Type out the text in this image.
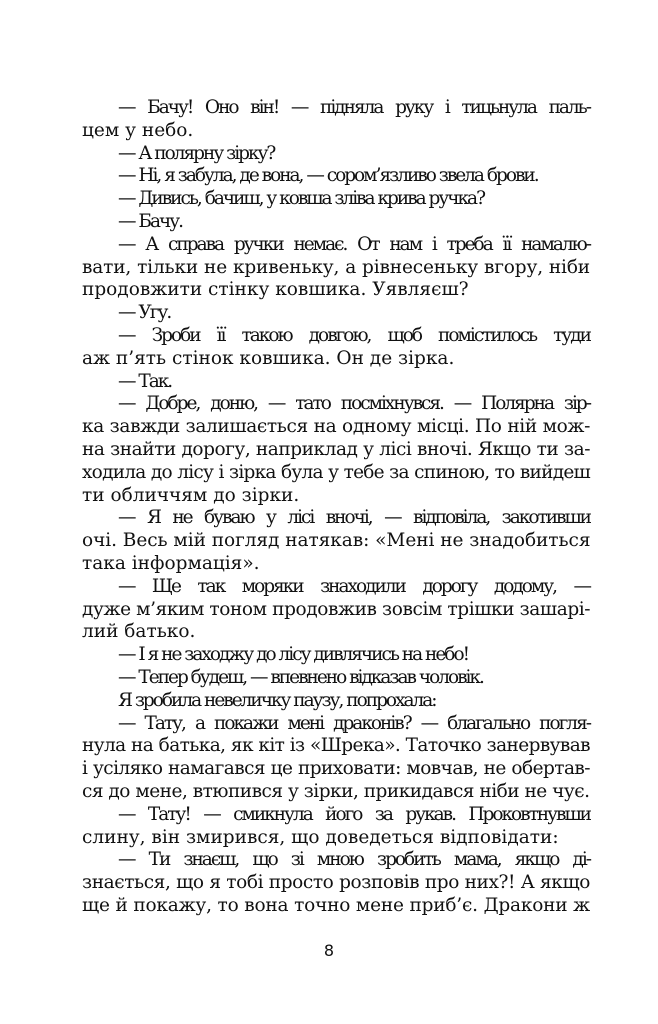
— Бачу! Оно він! — підняла руку і тицьнула паль-
цем у небо.
— А полярну зірку?
— Ні, я забула, де вона, — сором’язливо звела брови.
— Дивись, бачиш, у ковша зліва крива ручка?
— Бачу.
— А справа ручки немає. От нам і треба її намалю-
вати, тільки не кривеньку, а рівнесеньку вгору, ніби
продовжити стінку ковшика. Уявляєш?
— Угу.
— Зроби її такою довгою, щоб помістилось туди
аж п’ять стінок ковшика. Он де зірка.
— Так.
— Добре, доню, — тато посміхнувся. — Полярна зір-
ка завжди залишається на одному місці. По ній мож-
на знайти дорогу, наприклад у лісі вночі. Якщо ти за-
ходила до лісу і зірка була у тебе за спиною, то вийдеш
ти обличчям до зірки.
— Я не буваю у лісі вночі, — відповіла, закотивши
очі. Весь мій погляд натякав: «Мені не знадобиться
така інформація».
— Ще так моряки знаходили дорогу додому, —
дуже м’яким тоном продовжив зовсім трішки зашарі-
лий батько.
— І я не заходжу до лісу дивлячись на небо!
— Тепер будеш, — впевнено відказав чоловік.
Я зробила невеличку паузу, попрохала:
— Тату, а покажи мені драконів? — благально погля-
нула на батька, як кіт із «Шрека». Таточко занервував
і усіляко намагався це приховати: мовчав, не обертав-
ся до мене, втюпився у зірки, прикидався ніби не чує.
— Тату! — смикнула його за рукав. Проковтнувши
слину, він змирився, що доведеться відповідати:
— Ти знаєш, що зі мною зробить мама, якщо ді-
знається, що я тобі просто розповів про них?! А якщо
ще й покажу, то вона точно мене приб’є. Дракони ж
8
